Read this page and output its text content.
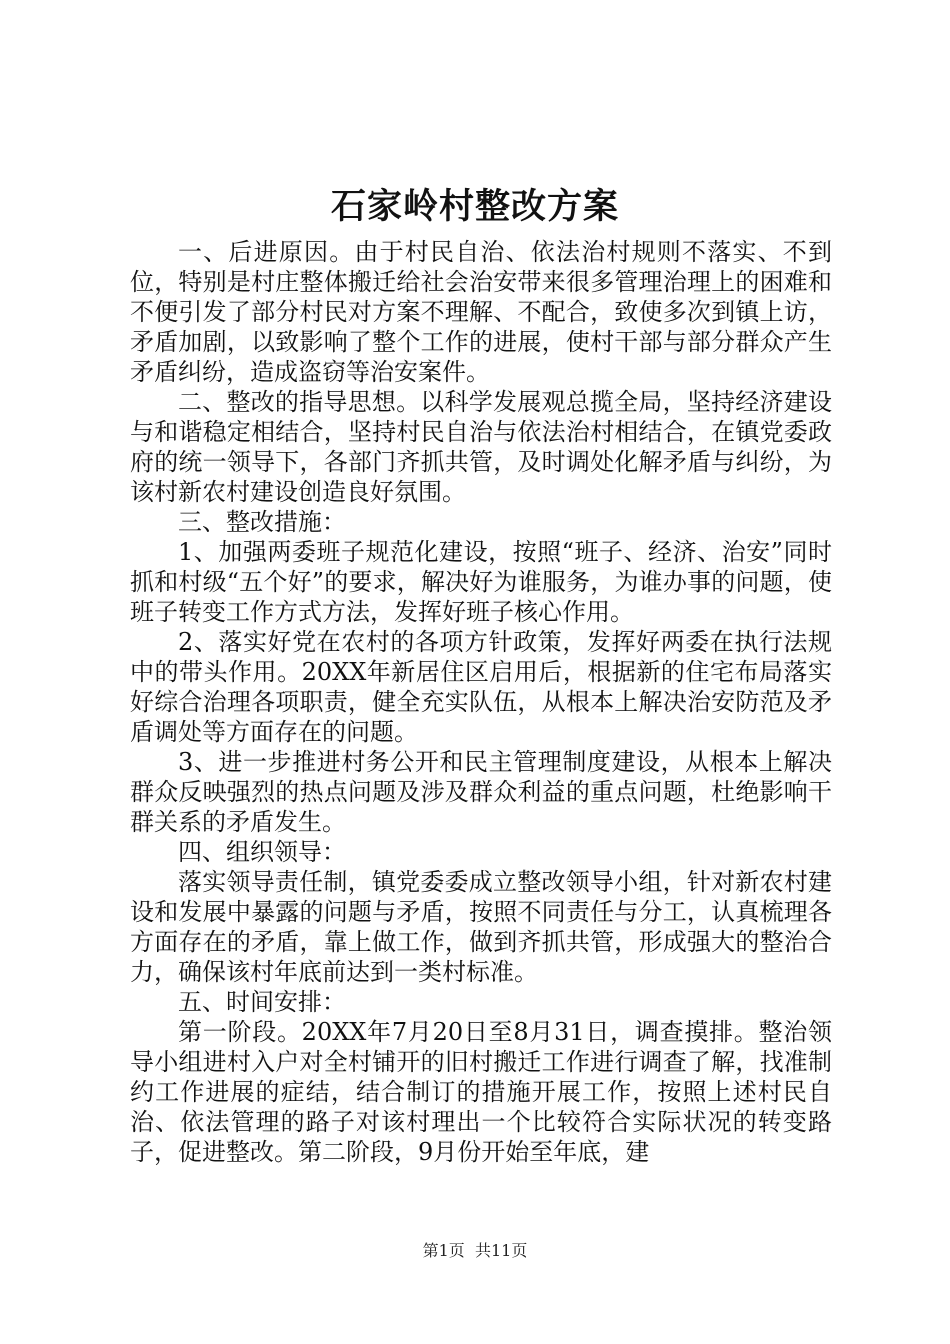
石家岭村整改方案

一、后进原因。由于村民自治、依法治村规则不落实、不到位，特别是村庄整体搬迁给社会治安带来很多管理治理上的困难和不便引发了部分村民对方案不理解、不配合，致使多次到镇上访，矛盾加剧，以致影响了整个工作的进展，使村干部与部分群众产生矛盾纠纷，造成盗窃等治安案件。

二、整改的指导思想。以科学发展观总揽全局，坚持经济建设与和谐稳定相结合，坚持村民自治与依法治村相结合，在镇党委政府的统一领导下，各部门齐抓共管，及时调处化解矛盾与纠纷，为该村新农村建设创造良好氛围。

三、整改措施：

1、加强两委班子规范化建设，按照“班子、经济、治安”同时抓和村级“五个好”的要求，解决好为谁服务，为谁办事的问题，使班子转变工作方式方法，发挥好班子核心作用。

2、落实好党在农村的各项方针政策，发挥好两委在执行法规中的带头作用。20XX年新居住区启用后，根据新的住宅布局落实好综合治理各项职责，健全充实队伍，从根本上解决治安防范及矛盾调处等方面存在的问题。

3、进一步推进村务公开和民主管理制度建设，从根本上解决群众反映强烈的热点问题及涉及群众利益的重点问题，杜绝影响干群关系的矛盾发生。

四、组织领导：

落实领导责任制，镇党委委成立整改领导小组，针对新农村建设和发展中暴露的问题与矛盾，按照不同责任与分工，认真梳理各方面存在的矛盾，靠上做工作，做到齐抓共管，形成强大的整治合力，确保该村年底前达到一类村标准。

五、时间安排：

第一阶段。20XX年7月20日至8月31日，调查摸排。整治领导小组进村入户对全村铺开的旧村搬迁工作进行调查了解，找准制约工作进展的症结，结合制订的措施开展工作，按照上述村民自治、依法管理的路子对该村理出一个比较符合实际状况的转变路子，促进整改。第二阶段，9月份开始至年底，建

第1页 共11页
